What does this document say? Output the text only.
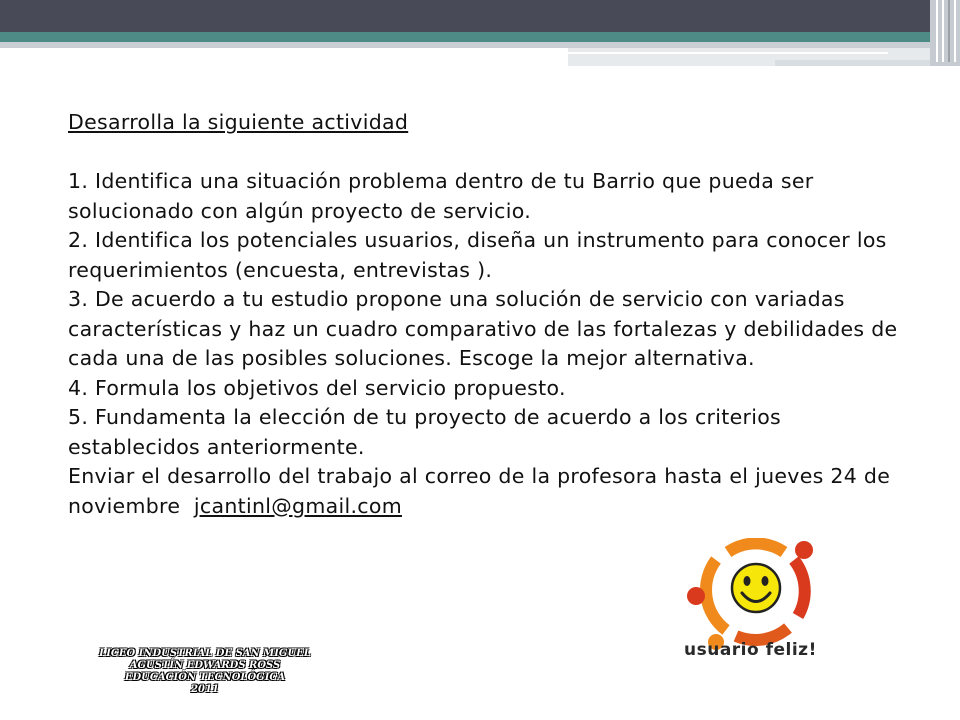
Desarrolla la siguiente actividad

1. Identifica una situación problema dentro de tu Barrio que pueda ser solucionado con algún proyecto de servicio.

2. Identifica los potenciales usuarios, diseña un instrumento para conocer los requerimientos (encuesta, entrevistas ).

3. De acuerdo a tu estudio propone una solución de servicio con variadas características y haz un cuadro comparativo de las fortalezas y debilidades de cada una de las posibles soluciones. Escoge la mejor alternativa.

4. Formula los objetivos del servicio propuesto.

5. Fundamenta la elección de tu proyecto de acuerdo a los criterios establecidos anteriormente.

Enviar el desarrollo del trabajo al correo de la profesora hasta el jueves 24 de noviembre  jcantinl@gmail.com

usuario feliz!
LICEO INDUSTRIAL DE SAN MIGUEL
AGUSTÍN EDWARDS ROSS
EDUCACIÓN TECNOLÓGICA
2011
